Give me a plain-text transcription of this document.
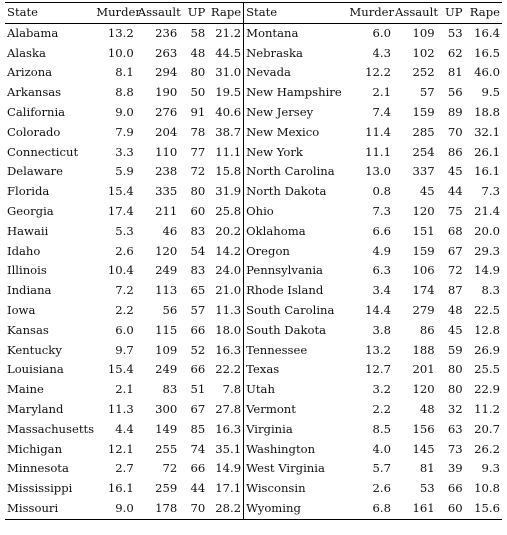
State	Murder	Assault	UP	Rape	State	Murder	Assault	UP	Rape
Alabama	13.2	236	58	21.2	Montana	6.0	109	53	16.4
Alaska	10.0	263	48	44.5	Nebraska	4.3	102	62	16.5
Arizona	8.1	294	80	31.0	Nevada	12.2	252	81	46.0
Arkansas	8.8	190	50	19.5	New Hampshire	2.1	57	56	9.5
California	9.0	276	91	40.6	New Jersey	7.4	159	89	18.8
Colorado	7.9	204	78	38.7	New Mexico	11.4	285	70	32.1
Connecticut	3.3	110	77	11.1	New York	11.1	254	86	26.1
Delaware	5.9	238	72	15.8	North Carolina	13.0	337	45	16.1
Florida	15.4	335	80	31.9	North Dakota	0.8	45	44	7.3
Georgia	17.4	211	60	25.8	Ohio	7.3	120	75	21.4
Hawaii	5.3	46	83	20.2	Oklahoma	6.6	151	68	20.0
Idaho	2.6	120	54	14.2	Oregon	4.9	159	67	29.3
Illinois	10.4	249	83	24.0	Pennsylvania	6.3	106	72	14.9
Indiana	7.2	113	65	21.0	Rhode Island	3.4	174	87	8.3
Iowa	2.2	56	57	11.3	South Carolina	14.4	279	48	22.5
Kansas	6.0	115	66	18.0	South Dakota	3.8	86	45	12.8
Kentucky	9.7	109	52	16.3	Tennessee	13.2	188	59	26.9
Louisiana	15.4	249	66	22.2	Texas	12.7	201	80	25.5
Maine	2.1	83	51	7.8	Utah	3.2	120	80	22.9
Maryland	11.3	300	67	27.8	Vermont	2.2	48	32	11.2
Massachusetts	4.4	149	85	16.3	Virginia	8.5	156	63	20.7
Michigan	12.1	255	74	35.1	Washington	4.0	145	73	26.2
Minnesota	2.7	72	66	14.9	West Virginia	5.7	81	39	9.3
Mississippi	16.1	259	44	17.1	Wisconsin	2.6	53	66	10.8
Missouri	9.0	178	70	28.2	Wyoming	6.8	161	60	15.6
